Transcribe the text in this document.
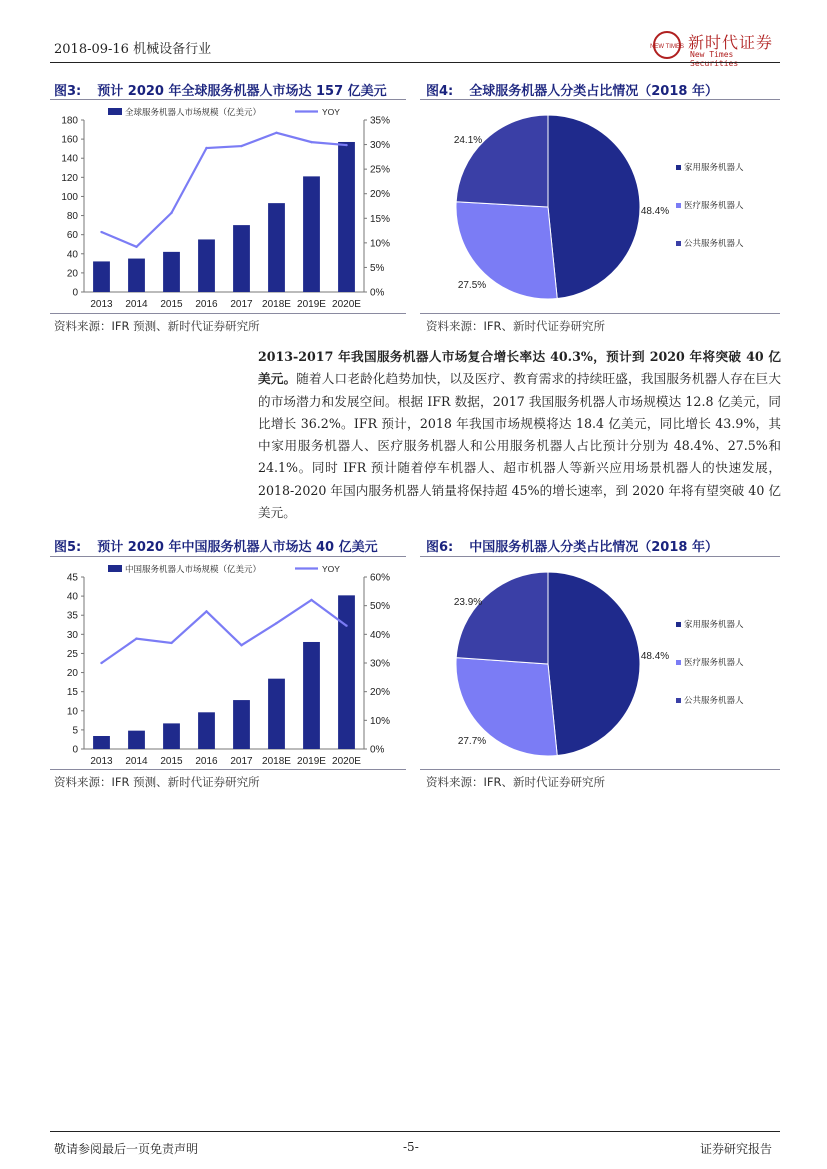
2018-09-16 机械设备行业	NEW TIMES 新时代证券
New Times Securities
图3: 预计 2020 年全球服务机器人市场达 157 亿美元	图4: 全球服务机器人分类占比情况（2018 年）
0
20
40
60
80
100
120
140
160
180
0%
5%
10%
15%
20%
25%
30%
35%
2013 2014 2015 2016 2017 2018E 2019E 2020E
全球服务机器人市场规模（亿美元）	YOY
48.4%
27.5%
24.1%
家用服务机器人
医疗服务机器人
公共服务机器人
资料来源：IFR 预测、新时代证券研究所	资料来源：IFR、新时代证券研究所
2013-2017 年我国服务机器人市场复合增长率达 40.3%，预计到 2020 年将突破 40 亿美元。随着人口老龄化趋势加快，以及医疗、教育需求的持续旺盛，我国服务机器人存在巨大的市场潜力和发展空间。根据 IFR 数据，2017 我国服务机器人市场规模达 12.8 亿美元，同比增长 36.2%。IFR 预计，2018 年我国市场规模将达 18.4 亿美元，同比增长 43.9%，其中家用服务机器人、医疗服务机器人和公用服务机器人占比预计分别为 48.4%、27.5%和 24.1%。同时 IFR 预计随着停车机器人、超市机器人等新兴应用场景机器人的快速发展，2018-2020 年国内服务机器人销量将保持超 45%的增长速率，到 2020 年将有望突破 40 亿美元。
图5: 预计 2020 年中国服务机器人市场达 40 亿美元	图6: 中国服务机器人分类占比情况（2018 年）
0
5
10
15
20
25
30
35
40
45
0%
10%
20%
30%
40%
50%
60%
2013 2014 2015 2016 2017 2018E 2019E 2020E
中国服务机器人市场规模（亿美元）	YOY
48.4%
27.7%
23.9%
家用服务机器人
医疗服务机器人
公共服务机器人
资料来源：IFR 预测、新时代证券研究所	资料来源：IFR、新时代证券研究所
敬请参阅最后一页免责声明	-5-	证券研究报告
